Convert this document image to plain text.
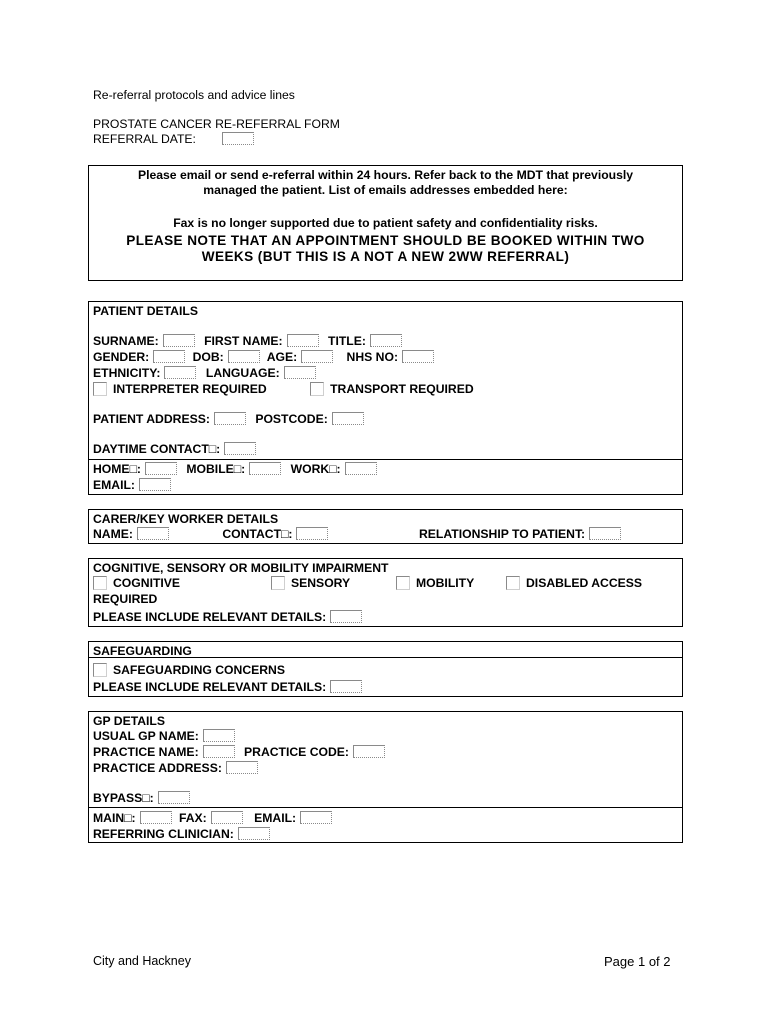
Re-referral protocols and advice lines
PROSTATE CANCER RE-REFERRAL FORM
REFERRAL DATE:
Please email or send e-referral within 24 hours. Refer back to the MDT that previously
managed the patient. List of emails addresses embedded here:
Fax is no longer supported due to patient safety and confidentiality risks.
PLEASE NOTE THAT AN APPOINTMENT SHOULD BE BOOKED WITHIN TWO
WEEKS (BUT THIS IS A NOT A NEW 2WW REFERRAL)
PATIENT DETAILS
SURNAME:	FIRST NAME:	TITLE:
GENDER:	DOB:	AGE:	NHS NO:
ETHNICITY:	LANGUAGE:
INTERPRETER REQUIRED	TRANSPORT REQUIRED
PATIENT ADDRESS:	POSTCODE:
DAYTIME CONTACT□:
HOME□:	MOBILE□:	WORK□:
EMAIL:
CARER/KEY WORKER DETAILS
NAME:	CONTACT□:	RELATIONSHIP TO PATIENT:
COGNITIVE, SENSORY OR MOBILITY IMPAIRMENT
COGNITIVE	SENSORY	MOBILITY	DISABLED ACCESS
REQUIRED
PLEASE INCLUDE RELEVANT DETAILS:
SAFEGUARDING
SAFEGUARDING CONCERNS
PLEASE INCLUDE RELEVANT DETAILS:
GP DETAILS
USUAL GP NAME:
PRACTICE NAME:	PRACTICE CODE:
PRACTICE ADDRESS:
BYPASS□:
MAIN□:	FAX:	EMAIL:
REFERRING CLINICIAN:
City and Hackney	Page 1 of 2
